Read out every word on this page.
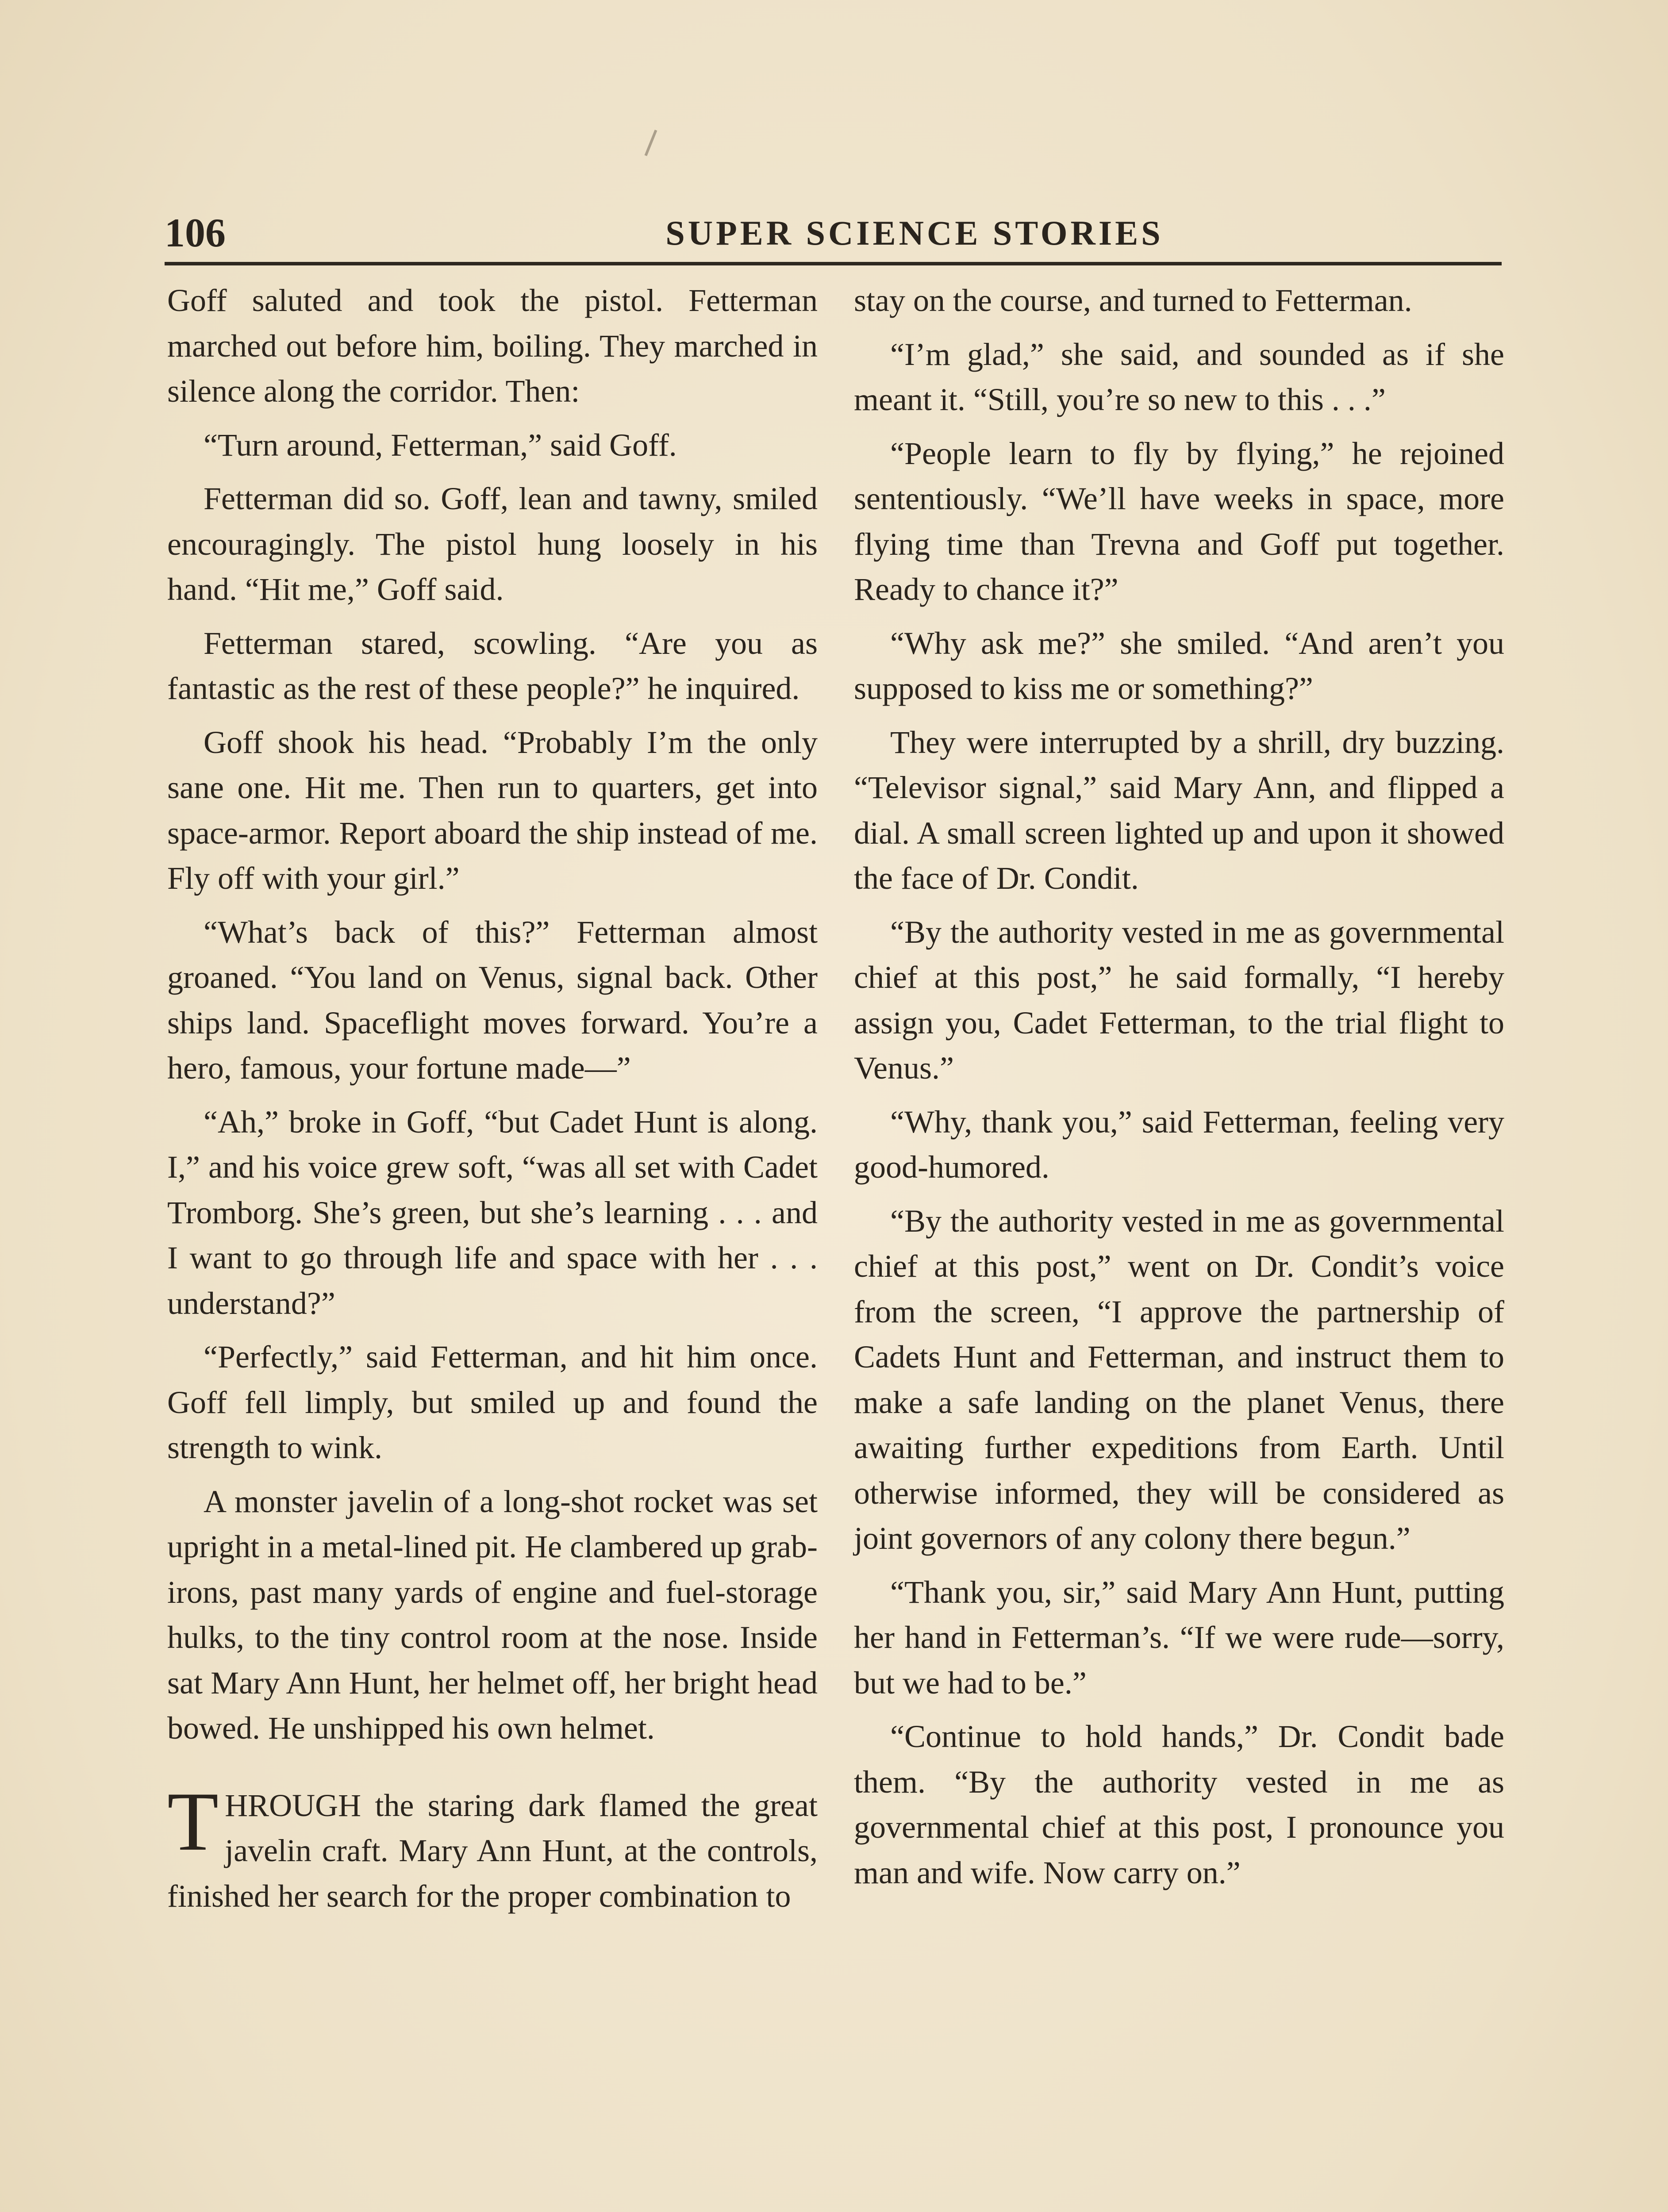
106	SUPER SCIENCE STORIES

Goff saluted and took the pistol. Fetterman marched out before him, boiling. They marched in silence along the corridor. Then:

“Turn around, Fetterman,” said Goff.

Fetterman did so. Goff, lean and tawny, smiled encouragingly. The pistol hung loosely in his hand. “Hit me,” Goff said.

Fetterman stared, scowling. “Are you as fantastic as the rest of these people?” he inquired.

Goff shook his head. “Probably I’m the only sane one. Hit me. Then run to quarters, get into space-armor. Report aboard the ship instead of me. Fly off with your girl.”

“What’s back of this?” Fetterman almost groaned. “You land on Venus, signal back. Other ships land. Spaceflight moves forward. You’re a hero, famous, your fortune made—”

“Ah,” broke in Goff, “but Cadet Hunt is along. I,” and his voice grew soft, “was all set with Cadet Tromborg. She’s green, but she’s learning . . . and I want to go through life and space with her . . . understand?”

“Perfectly,” said Fetterman, and hit him once. Goff fell limply, but smiled up and found the strength to wink.

A monster javelin of a long-shot rocket was set upright in a metal-lined pit. He clambered up grab-irons, past many yards of engine and fuel-storage hulks, to the tiny control room at the nose. Inside sat Mary Ann Hunt, her helmet off, her bright head bowed. He unshipped his own helmet.

THROUGH the staring dark flamed the great javelin craft. Mary Ann Hunt, at the controls, finished her search for the proper combination to

stay on the course, and turned to Fetterman.

“I’m glad,” she said, and sounded as if she meant it. “Still, you’re so new to this . . .”

“People learn to fly by flying,” he rejoined sententiously. “We’ll have weeks in space, more flying time than Trevna and Goff put together. Ready to chance it?”

“Why ask me?” she smiled. “And aren’t you supposed to kiss me or something?”

They were interrupted by a shrill, dry buzzing. “Televisor signal,” said Mary Ann, and flipped a dial. A small screen lighted up and upon it showed the face of Dr. Condit.

“By the authority vested in me as governmental chief at this post,” he said formally, “I hereby assign you, Cadet Fetterman, to the trial flight to Venus.”

“Why, thank you,” said Fetterman, feeling very good-humored.

“By the authority vested in me as governmental chief at this post,” went on Dr. Condit’s voice from the screen, “I approve the partnership of Cadets Hunt and Fetterman, and instruct them to make a safe landing on the planet Venus, there awaiting further expeditions from Earth. Until otherwise informed, they will be considered as joint governors of any colony there begun.”

“Thank you, sir,” said Mary Ann Hunt, putting her hand in Fetterman’s. “If we were rude—sorry, but we had to be.”

“Continue to hold hands,” Dr. Condit bade them. “By the authority vested in me as governmental chief at this post, I pronounce you man and wife. Now carry on.”
